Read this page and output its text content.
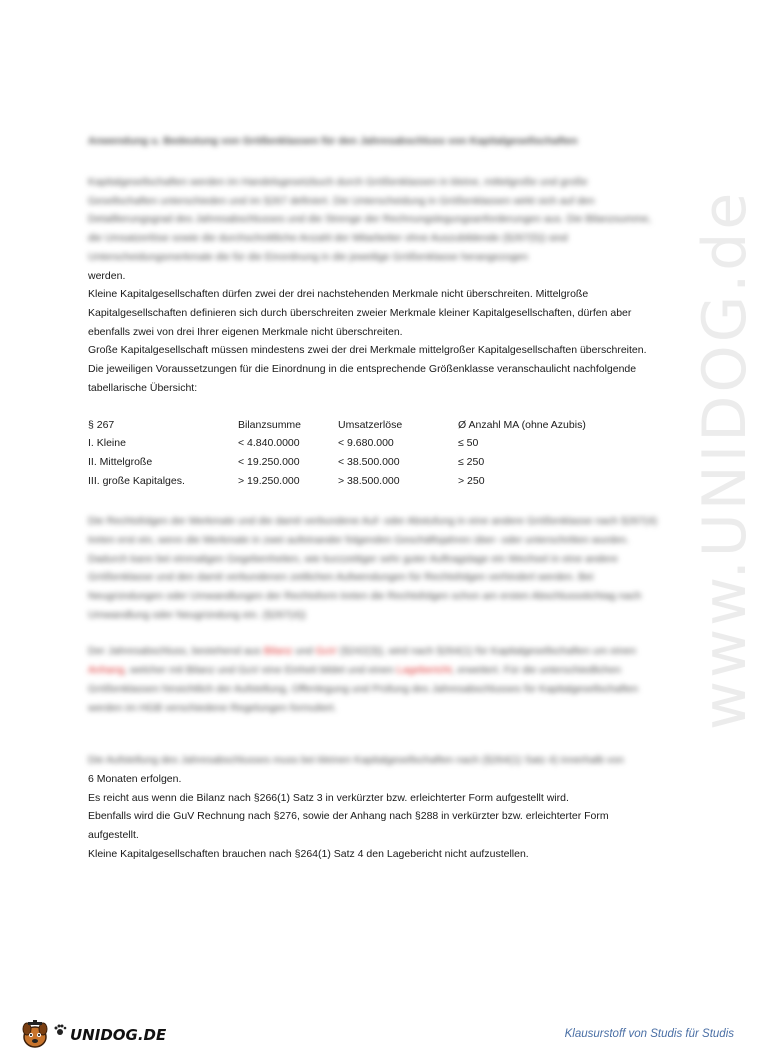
www.UNIDOG.de
Anwendung u. Bedeutung von Größenklassen für den Jahresabschluss von Kapitalgesellschaften

Kapitalgesellschaften werden im Handelsgesetzbuch durch Größenklassen in kleine, mittelgroße und große Gesellschaften unterschieden und im §267 definiert. Die Unterscheidung in Größenklassen wirkt sich auf den Detaillierungsgrad des Jahresabschlusses und die Strenge der Rechnungslegungsanforderungen aus. Die Bilanzsumme, die Umsatzerlöse sowie die durchschnittliche Anzahl der Mitarbeiter ohne Auszubildende (§267(5)) sind Unterscheidungsmerkmale die für die Einordnung in die jeweilige Größenklasse herangezogen

werden.

Kleine Kapitalgesellschaften dürfen zwei der drei nachstehenden Merkmale nicht überschreiten. Mittelgroße Kapitalgesellschaften definieren sich durch überschreiten zweier Merkmale kleiner Kapitalgesellschaften, dürfen aber ebenfalls zwei von drei Ihrer eigenen Merkmale nicht überschreiten.

Große Kapitalgesellschaft müssen mindestens zwei der drei Merkmale mittelgroßer Kapitalgesellschaften überschreiten.

Die jeweiligen Voraussetzungen für die Einordnung in die entsprechende Größenklasse veranschaulicht nachfolgende tabellarische Übersicht:

§ 267	Bilanzsumme	Umsatzerlöse	Ø Anzahl MA (ohne Azubis)
I. Kleine	< 4.840.0000	< 9.680.000	≤ 50
II. Mittelgroße	< 19.250.000	< 38.500.000	≤ 250
III. große Kapitalges.	> 19.250.000	> 38.500.000	> 250

Die Rechtsfolgen der Merkmale und die damit verbundene Auf- oder Abstufung in eine andere Größenklasse nach §267(4) treten erst ein, wenn die Merkmale in zwei aufeinander folgenden Geschäftsjahren über- oder unterschritten wurden. Dadurch kann bei einmaligen Gegebenheiten, wie kurzzeitiger sehr guter Auftragslage ein Wechsel in eine andere Größenklasse und den damit verbundenen zeitlichen Aufwendungen für Rechtsfolgen verhindert werden. Bei Neugründungen oder Umwandlungen der Rechtsform treten die Rechtsfolgen schon am ersten Abschlussstichtag nach Umwandlung oder Neugründung ein. (§267(4))

Der Jahresabschluss, bestehend aus Bilanz und GuV (§242(3)), wird nach §264(1) für Kapitalgesellschaften um einen Anhang, welcher mit Bilanz und GuV eine Einheit bildet und einen Lagebericht, erweitert. Für die unterschiedlichen Größenklassen hinsichtlich der Aufstellung, Offenlegung und Prüfung des Jahresabschlusses für Kapitalgesellschaften werden im HGB verschiedene Regelungen formuliert.

Die Aufstellung des Jahresabschlusses muss bei kleinen Kapitalgesellschaften nach (§264(1) Satz 4) innerhalb von

6 Monaten erfolgen.

Es reicht aus wenn die Bilanz nach §266(1) Satz 3 in verkürzter bzw. erleichterter Form aufgestellt wird.

Ebenfalls wird die GuV Rechnung nach §276, sowie der Anhang nach §288 in verkürzter bzw. erleichterter Form aufgestellt.

Kleine Kapitalgesellschaften brauchen nach §264(1) Satz 4 den Lagebericht nicht aufzustellen.

UNIDOG.DE	Klausurstoff von Studis für Studis
